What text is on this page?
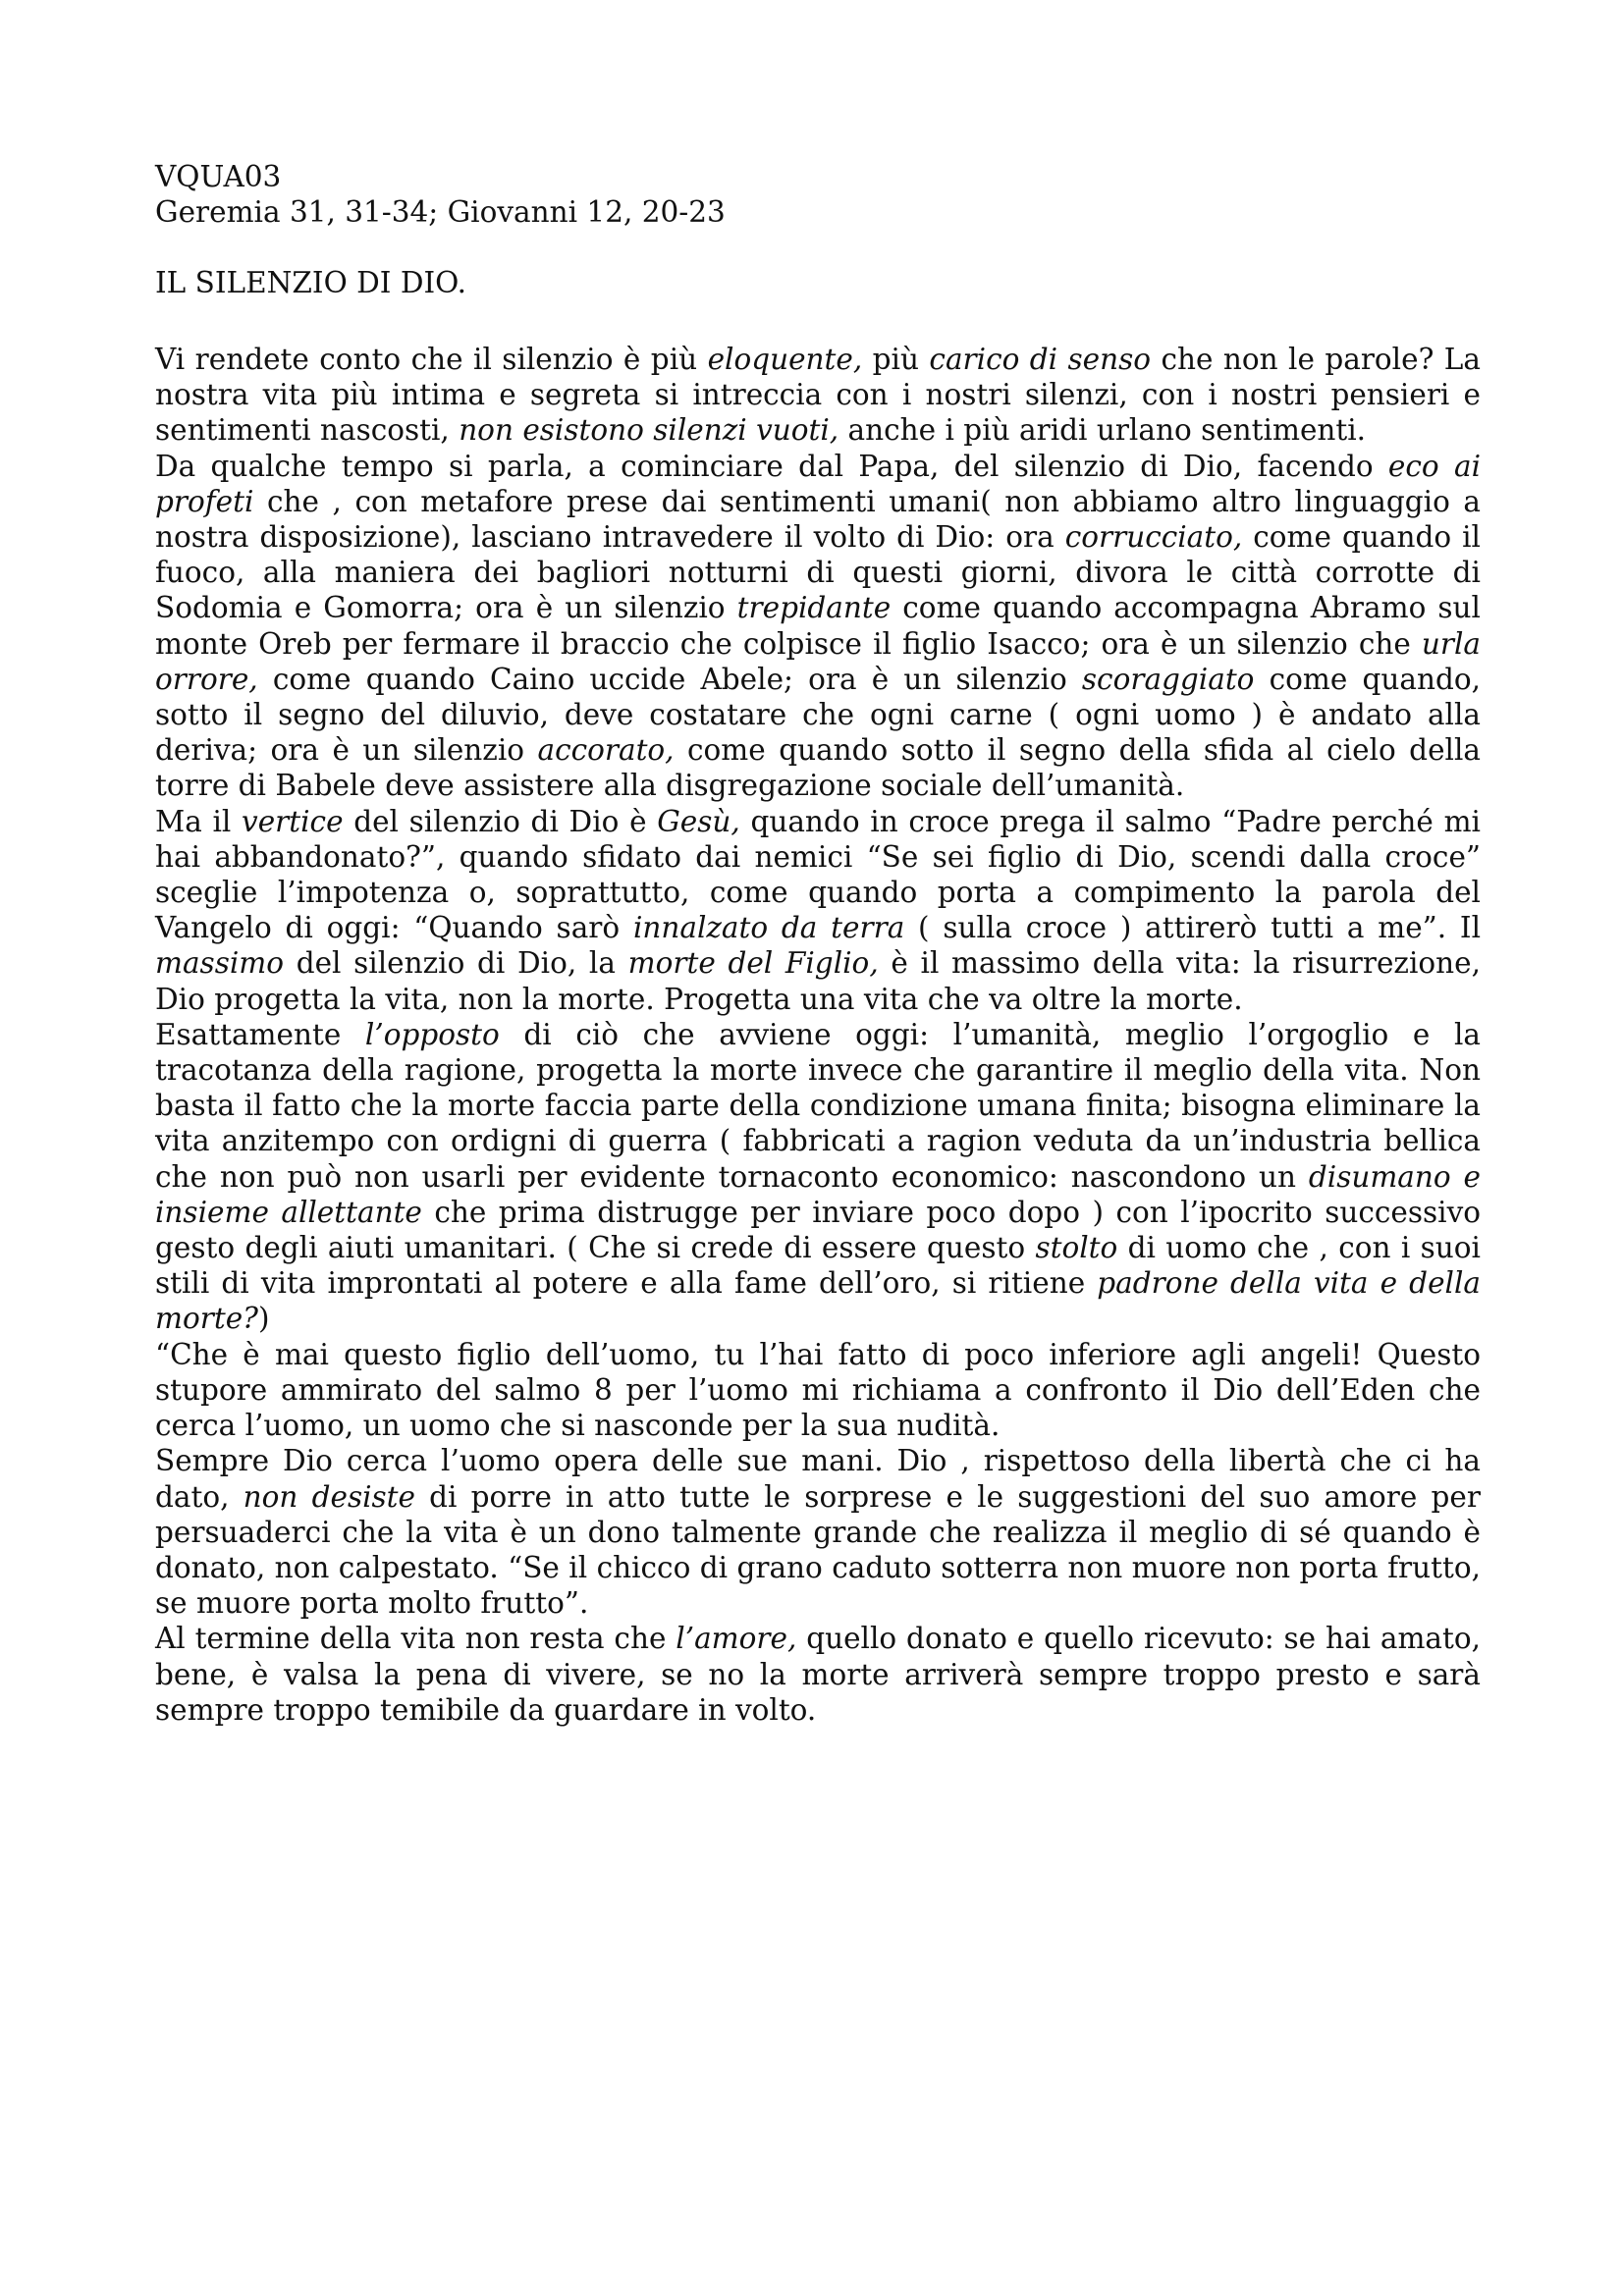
VQUA03

Geremia 31, 31-34; Giovanni 12, 20-23

IL SILENZIO DI DIO.

Vi rendete conto che il silenzio è più eloquente, più carico di senso che non le parole? La nostra vita più intima e segreta si intreccia con i nostri silenzi, con i nostri pensieri e sentimenti nascosti, non esistono silenzi vuoti, anche i più aridi urlano sentimenti.

Da qualche tempo si parla, a cominciare dal Papa, del silenzio di Dio, facendo eco ai profeti che , con metafore prese dai sentimenti umani( non abbiamo altro linguaggio a nostra disposizione), lasciano intravedere il volto di Dio: ora corrucciato, come quando il fuoco, alla maniera dei bagliori notturni di questi giorni, divora le città corrotte di Sodomia e Gomorra; ora è un silenzio trepidante come quando accompagna Abramo sul monte Oreb per fermare il braccio che colpisce il figlio Isacco; ora è un silenzio che urla orrore, come quando Caino uccide Abele; ora è un silenzio scoraggiato come quando, sotto il segno del diluvio, deve costatare che ogni carne ( ogni uomo ) è andato alla deriva; ora è un silenzio accorato, come quando sotto il segno della sfida al cielo della torre di Babele deve assistere alla disgregazione sociale dell’umanità.

Ma il vertice del silenzio di Dio è Gesù, quando in croce prega il salmo “Padre perché mi hai abbandonato?”, quando sfidato dai nemici “Se sei figlio di Dio, scendi dalla croce” sceglie l’impotenza o, soprattutto, come quando porta a compimento la parola del Vangelo di oggi: “Quando sarò innalzato da terra ( sulla croce ) attirerò tutti a me”. Il massimo del silenzio di Dio, la morte del Figlio, è il massimo della vita: la risurrezione, Dio progetta la vita, non la morte. Progetta una vita che va oltre la morte.

Esattamente l’opposto di ciò che avviene oggi: l’umanità, meglio l’orgoglio e la tracotanza della ragione, progetta la morte invece che garantire il meglio della vita. Non basta il fatto che la morte faccia parte della condizione umana finita; bisogna eliminare la vita anzitempo con ordigni di guerra ( fabbricati a ragion veduta da un’industria bellica che non può non usarli per evidente tornaconto economico: nascondono un disumano e insieme allettante che prima distrugge per inviare poco dopo ) con l’ipocrito successivo gesto degli aiuti umanitari. ( Che si crede di essere questo stolto di uomo che , con i suoi stili di vita improntati al potere e alla fame dell’oro, si ritiene padrone della vita e della morte?)

“Che è mai questo figlio dell’uomo, tu l’hai fatto di poco inferiore agli angeli! Questo stupore ammirato del salmo 8 per l’uomo mi richiama a confronto il Dio dell’Eden che cerca l’uomo, un uomo che si nasconde per la sua nudità.

Sempre Dio cerca l’uomo opera delle sue mani. Dio , rispettoso della libertà che ci ha dato, non desiste di porre in atto tutte le sorprese e le suggestioni del suo amore per persuaderci che la vita è un dono talmente grande che realizza il meglio di sé quando è donato, non calpestato. “Se il chicco di grano caduto sotterra non muore non porta frutto, se muore porta molto frutto”.

Al termine della vita non resta che l’amore, quello donato e quello ricevuto: se hai amato, bene, è valsa la pena di vivere, se no la morte arriverà sempre troppo presto e sarà sempre troppo temibile da guardare in volto.
